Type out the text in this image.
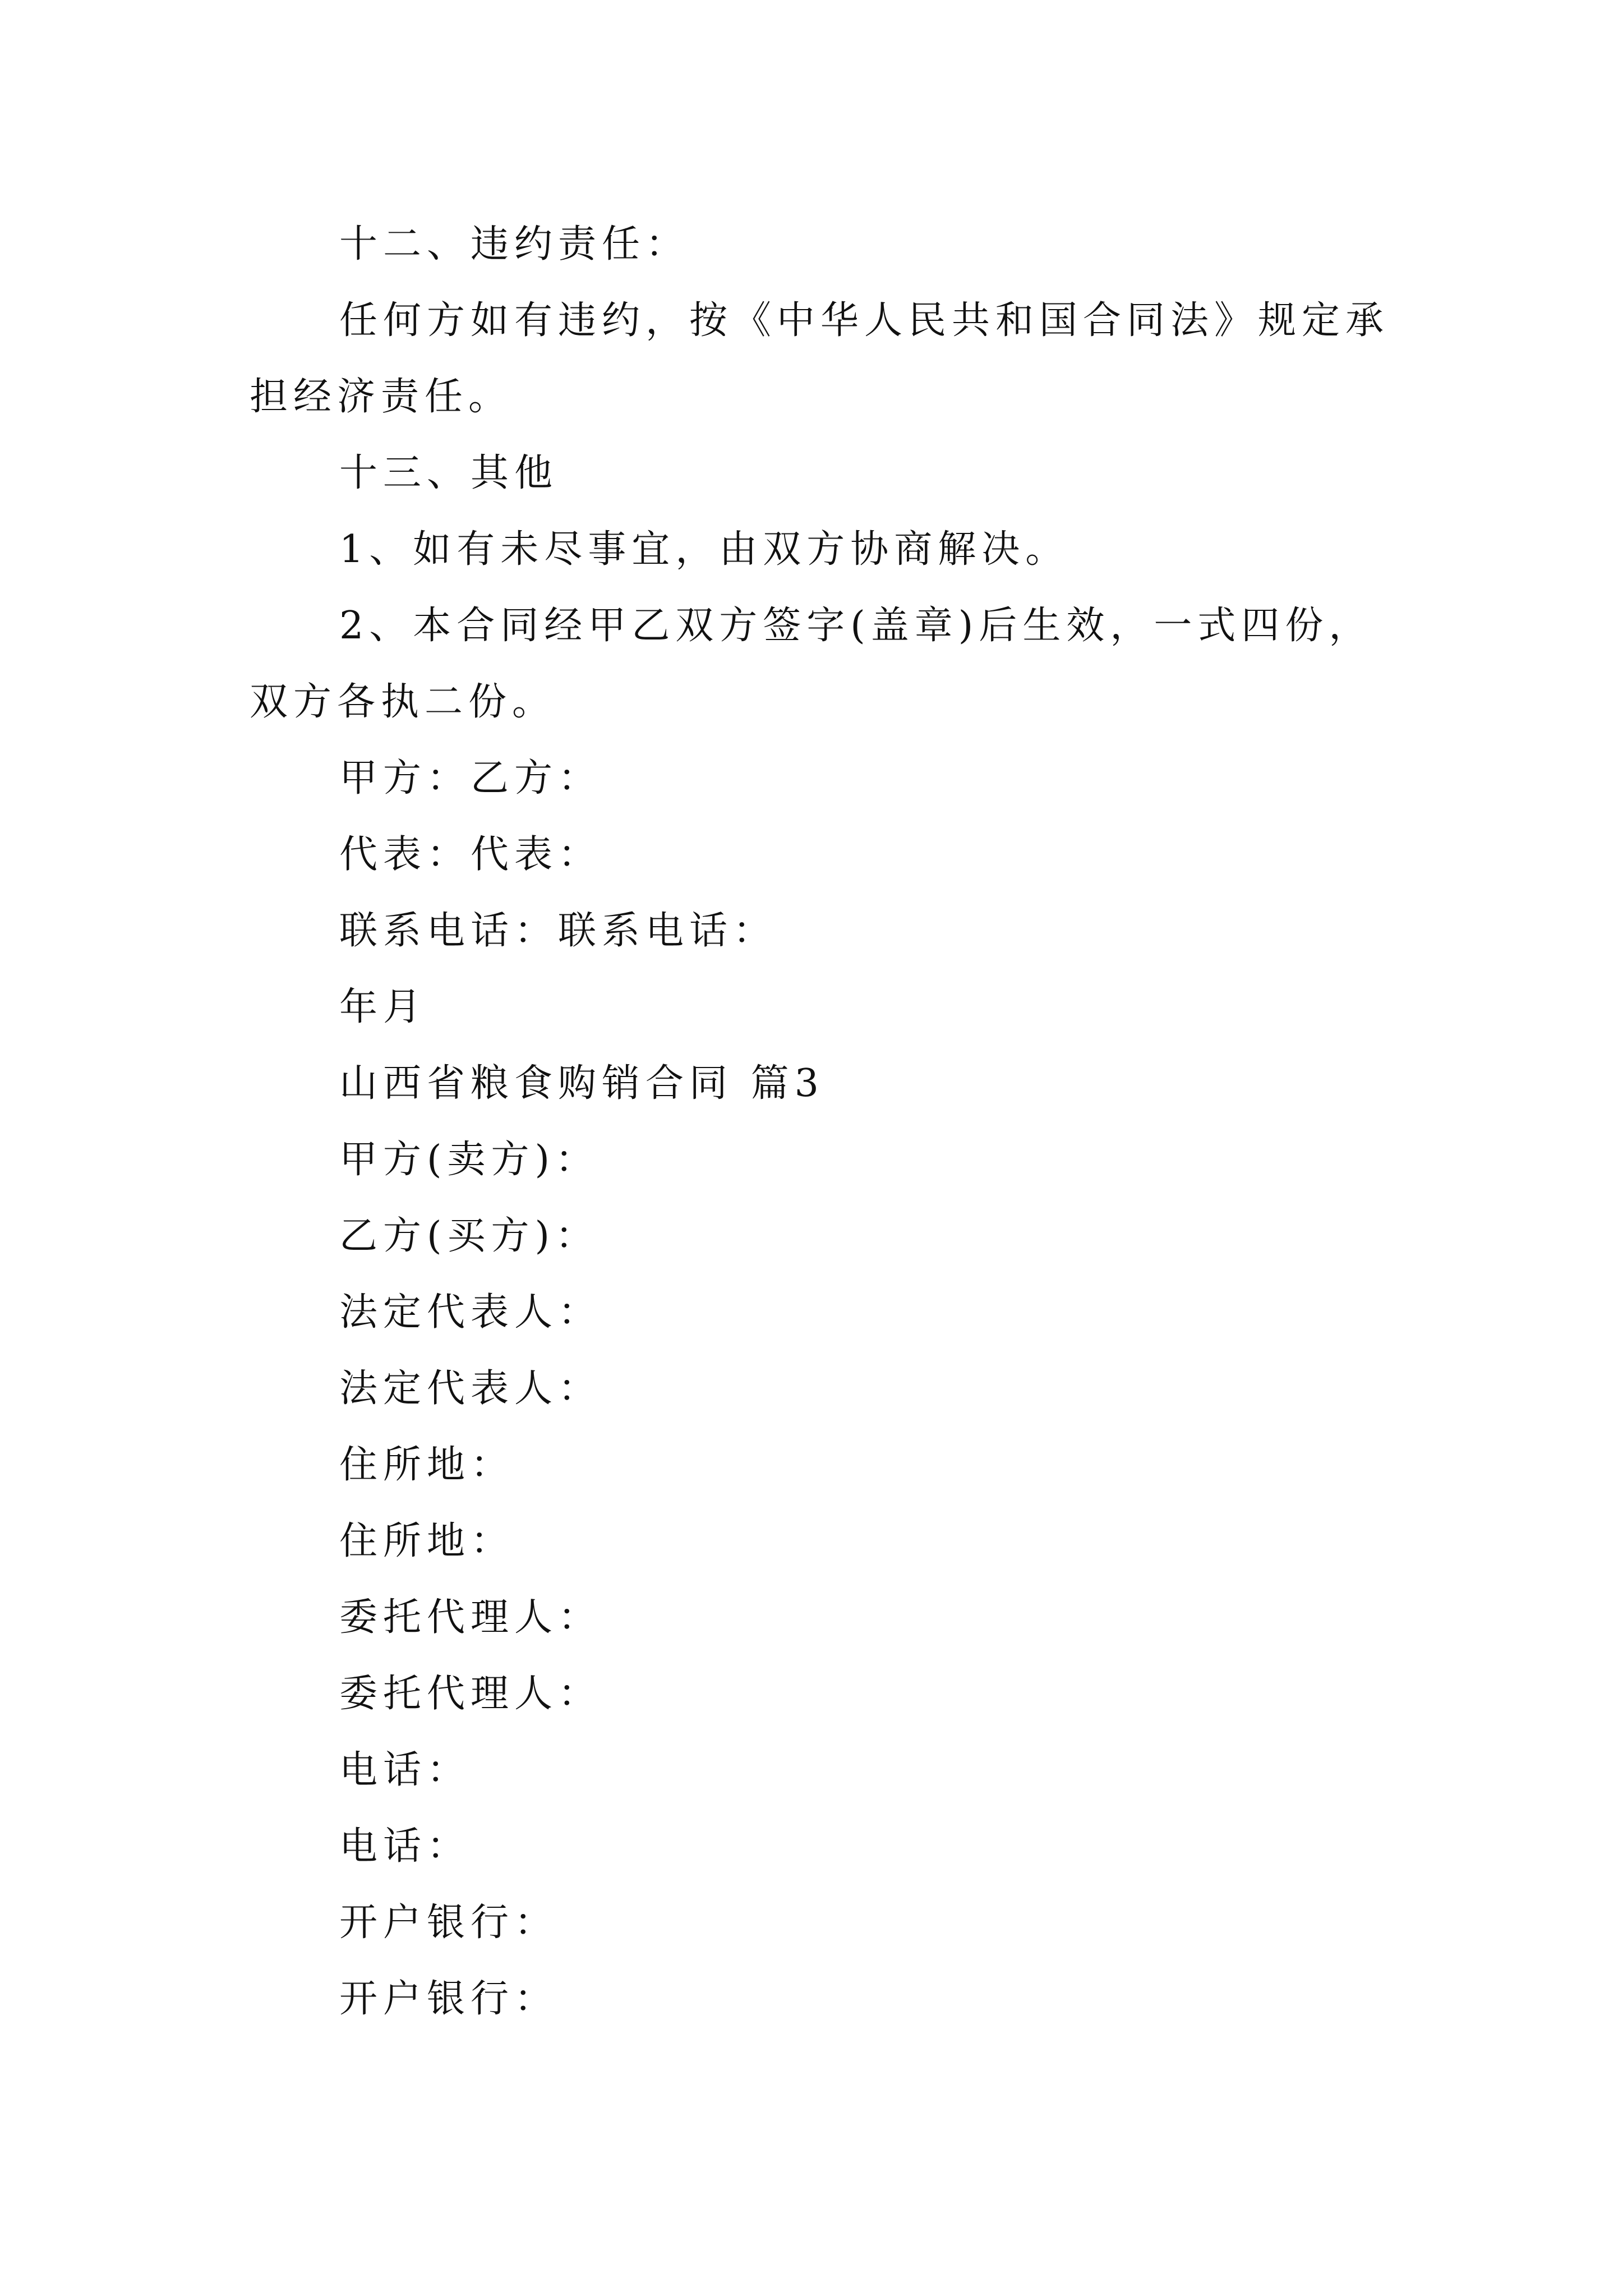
十二、违约责任：
任何方如有违约，按《中华人民共和国合同法》规定承
担经济责任。
十三、其他
1、如有未尽事宜，由双方协商解决。
2、本合同经甲乙双方签字(盖章)后生效，一式四份，
双方各执二份。
甲方：乙方：
代表：代表：
联系电话：联系电话：
年月
山西省粮食购销合同 篇3
甲方(卖方)：
乙方(买方)：
法定代表人：
法定代表人：
住所地：
住所地：
委托代理人：
委托代理人：
电话：
电话：
开户银行：
开户银行：
